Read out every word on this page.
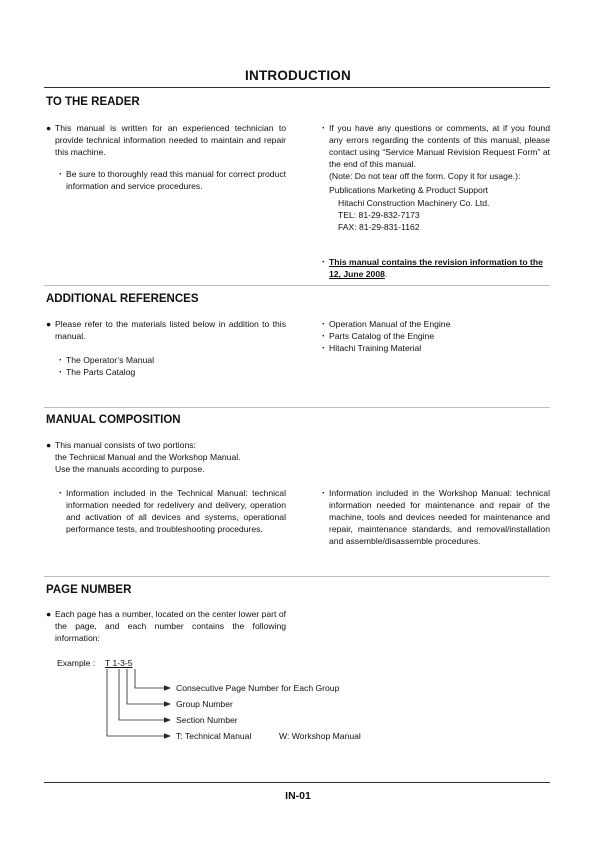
INTRODUCTION
TO THE READER
● This manual is written for an experienced technician to provide technical information needed to maintain and repair this machine.
・ Be sure to thoroughly read this manual for correct product information and service procedures.
・ If you have any questions or comments, at if you found any errors regarding the contents of this manual, please contact using “Service Manual Revision Request Form” at the end of this manual.
(Note: Do not tear off the form. Copy it for usage.):
Publications Marketing & Product Support
Hitachi Construction Machinery Co. Ltd.
TEL: 81-29-832-7173
FAX: 81-29-831-1162
・ This manual contains the revision information to the 12, June 2008.
ADDITIONAL REFERENCES
● Please refer to the materials listed below in addition to this manual.
・ The Operator’s Manual
・ The Parts Catalog
・ Operation Manual of the Engine
・ Parts Catalog of the Engine
・ Hitachi Training Material
MANUAL COMPOSITION
● This manual consists of two portions:
the Technical Manual and the Workshop Manual.
Use the manuals according to purpose.
・ Information included in the Technical Manual: technical information needed for redelivery and delivery, operation and activation of all devices and systems, operational performance tests, and troubleshooting procedures.
・ Information included in the Workshop Manual: technical information needed for maintenance and repair of the machine, tools and devices needed for maintenance and repair, maintenance standards, and removal/installation and assemble/disassemble procedures.
PAGE NUMBER
● Each page has a number, located on the center lower part of the page, and each number contains the following information:
Example : T 1-3-5
Consecutive Page Number for Each Group
Group Number
Section Number
T: Technical Manual	W: Workshop Manual
IN-01
